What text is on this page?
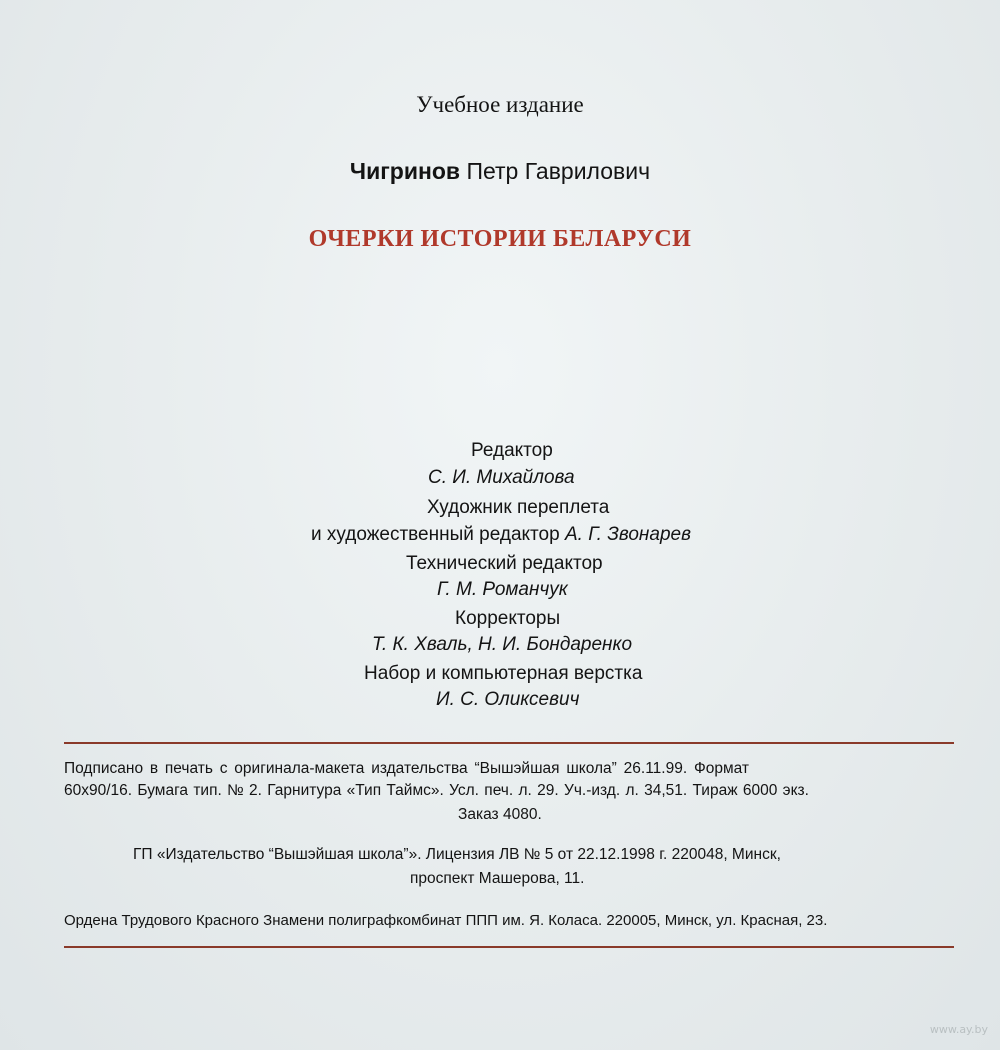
Учебное издание
Чигринов Петр Гаврилович
ОЧЕРКИ ИСТОРИИ БЕЛАРУСИ
Редактор
С. И. Михайлова
Художник переплета
и художественный редактор А. Г. Звонарев
Технический редактор
Г. М. Романчук
Корректоры
Т. К. Хваль, Н. И. Бондаренко
Набор и компьютерная верстка
И. С. Оликсевич
Подписано в печать с оригинала-макета издательства “Вышэйшая школа” 26.11.99. Формат
60x90/16. Бумага тип. № 2. Гарнитура «Тип Таймс». Усл. печ. л. 29. Уч.-изд. л. 34,51. Тираж 6000 экз.
Заказ 4080.
ГП «Издательство “Вышэйшая школа”». Лицензия ЛВ № 5 от 22.12.1998 г. 220048, Минск,
проспект Машерова, 11.
Ордена Трудового Красного Знамени полиграфкомбинат ППП им. Я. Коласа. 220005, Минск, ул. Красная, 23.
www.ay.by
